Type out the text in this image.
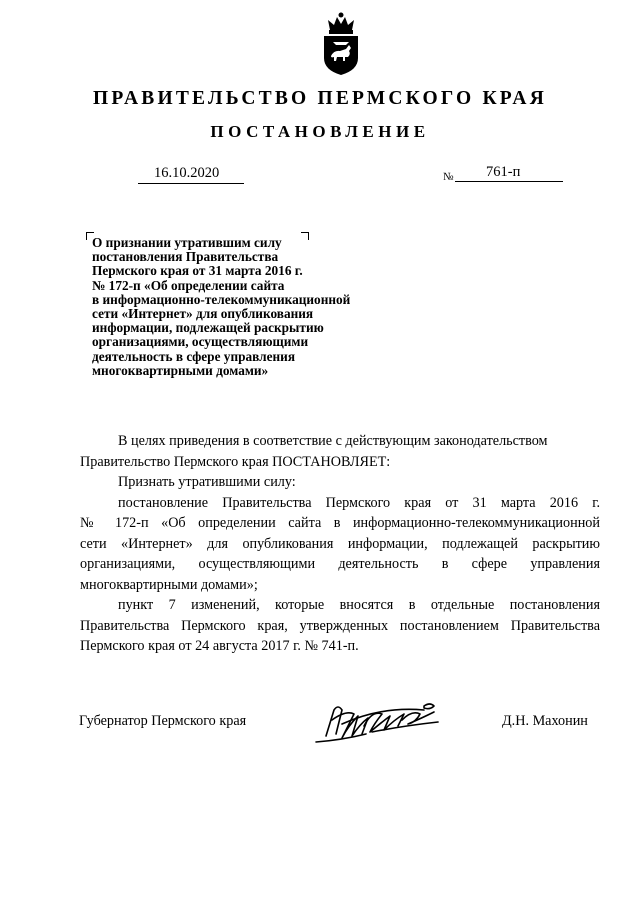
ПРАВИТЕЛЬСТВО ПЕРМСКОГО КРАЯ
ПОСТАНОВЛЕНИЕ
16.10.2020	№ 761-п
О признании утратившим силу
постановления Правительства
Пермского края от 31 марта 2016 г.
№ 172-п «Об определении сайта
в информационно-телекоммуникационной
сети «Интернет» для опубликования
информации, подлежащей раскрытию
организациями, осуществляющими
деятельность в сфере управления
многоквартирными домами»
В целях приведения в соответствие с действующим законодательством
Правительство Пермского края ПОСТАНОВЛЯЕТ:
Признать утратившими силу:
постановление Правительства Пермского края от 31 марта 2016 г.
№ 172-п «Об определении сайта в информационно-телекоммуникационной
сети «Интернет» для опубликования информации, подлежащей раскрытию
организациями, осуществляющими деятельность в сфере управления
многоквартирными домами»;
пункт 7 изменений, которые вносятся в отдельные постановления
Правительства Пермского края, утвержденных постановлением Правительства
Пермского края от 24 августа 2017 г. № 741-п.
Губернатор Пермского края	Д.Н. Махонин
